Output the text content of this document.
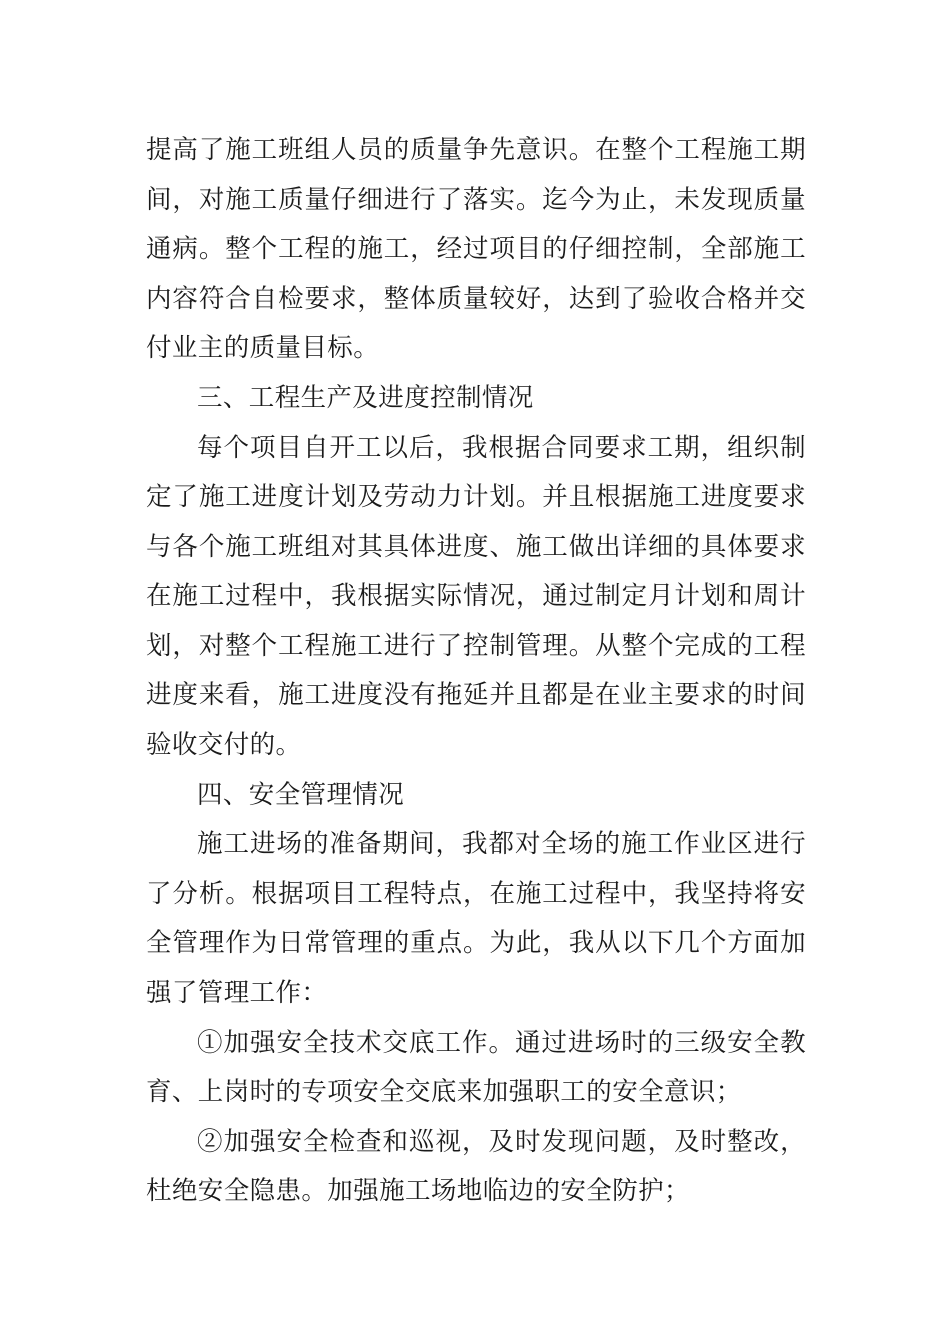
提高了施工班组人员的质量争先意识。在整个工程施工期
间，对施工质量仔细进行了落实。迄今为止，未发现质量
通病。整个工程的施工，经过项目的仔细控制，全部施工
内容符合自检要求，整体质量较好，达到了验收合格并交
付业主的质量目标。
三、工程生产及进度控制情况
每个项目自开工以后，我根据合同要求工期，组织制
定了施工进度计划及劳动力计划。并且根据施工进度要求
与各个施工班组对其具体进度、施工做出详细的具体要求
在施工过程中，我根据实际情况，通过制定月计划和周计
划，对整个工程施工进行了控制管理。从整个完成的工程
进度来看，施工进度没有拖延并且都是在业主要求的时间
验收交付的。
四、安全管理情况
施工进场的准备期间，我都对全场的施工作业区进行
了分析。根据项目工程特点，在施工过程中，我坚持将安
全管理作为日常管理的重点。为此，我从以下几个方面加
强了管理工作：
①加强安全技术交底工作。通过进场时的三级安全教
育、上岗时的专项安全交底来加强职工的安全意识；
②加强安全检查和巡视，及时发现问题，及时整改，
杜绝安全隐患。加强施工场地临边的安全防护；
